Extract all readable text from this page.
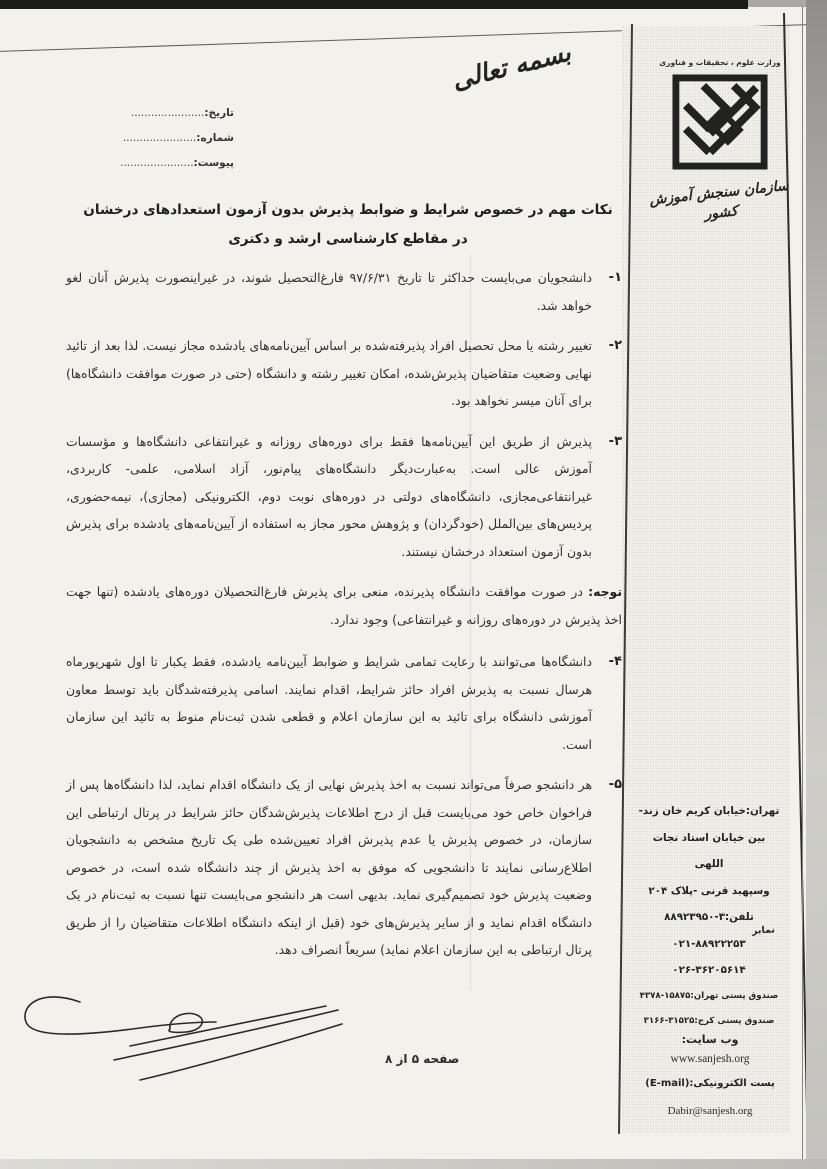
بسمه تعالی
تاریخ:......................
شماره:......................
پیوست:......................
وزارت علوم ، تحقیقات و فناوری
سازمان سنجش آموزش کشور
نکات مهم در خصوص شرایط و ضوابط پذیرش بدون آزمون استعدادهای درخشان در مقاطع کارشناسی ارشد و دکتری
۱-
دانشجویان می‌بایست حداکثر تا تاریخ ۹۷/۶/۳۱ فارغ‌التحصیل شوند، در غیراینصورت پذیرش آنان لغو خواهد شد.
۲-
تغییر رشته یا محل تحصیل افراد پذیرفته‌شده بر اساس آیین‌نامه‌های یادشده مجاز نیست. لذا بعد از تائید نهایی وضعیت متقاضیان پذیرش‌شده، امکان تغییر رشته و دانشگاه (حتی در صورت موافقت دانشگاه‌ها) برای آنان میسر نخواهد بود.
۳-
پذیرش از طریق این آیین‌نامه‌ها فقط برای دوره‌های روزانه و غیرانتفاعی دانشگاه‌ها و مؤسسات آموزش عالی است. به‌عبارت‌دیگر دانشگاه‌های پیام‌نور، آزاد اسلامی، علمی- کاربردی، غیرانتفاعی‌مجازی، دانشگاه‌های دولتی در دوره‌های نوبت دوم، الکترونیکی (مجازی)، نیمه‌حضوری، پردیس‌های بین‌الملل (خودگردان) و پژوهش محور مجاز به استفاده از آیین‌نامه‌های یادشده برای پذیرش بدون آزمون استعداد درخشان نیستند.
توجه: در صورت موافقت دانشگاه پذیرنده، منعی برای پذیرش فارغ‌التحصیلان دوره‌های یادشده (تنها جهت اخذ پذیرش در دوره‌های روزانه و غیرانتفاعی) وجود ندارد.
۴-
دانشگاه‌ها می‌توانند با رعایت تمامی شرایط و ضوابط آیین‌نامه یادشده، فقط یکبار تا اول شهریورماه هرسال نسبت به پذیرش افراد حائز شرایط، اقدام نمایند. اسامی پذیرفته‌شدگان باید توسط معاون آموزشی دانشگاه برای تائید به این سازمان اعلام و قطعی شدن ثبت‌نام منوط به تائید این سازمان است.
۵-
هر دانشجو صرفاً می‌تواند نسبت به اخذ پذیرش نهایی از یک دانشگاه اقدام نماید، لذا دانشگاه‌ها پس از فراخوان خاص خود می‌بایست قبل از درج اطلاعات پذیرش‌شدگان حائز شرایط در پرتال ارتباطی این سازمان، در خصوص پذیرش یا عدم پذیرش افراد تعیین‌شده طی یک تاریخ مشخص به دانشجویان اطلاع‌رسانی نمایند تا دانشجویی که موفق به اخذ پذیرش از چند دانشگاه شده است، در خصوص وضعیت پذیرش خود تصمیم‌گیری نماید. بدیهی است هر دانشجو می‌بایست تنها نسبت به ثبت‌نام در یک دانشگاه اقدام نماید و از سایر پذیرش‌های خود (قبل از اینکه دانشگاه اطلاعات متقاضیان را از طریق پرتال ارتباطی به این سازمان اعلام نماید) سریعاً انصراف دهد.
تهران:خیابان کریم خان زند-
بین خیابان استاد نجات اللهی
وسپهبد قرنی -پلاک ۲۰۴
تلفن:۸۸۹۲۳۹۵۰-۳
۰۲۱-۸۸۹۲۲۲۵۳
۰۲۶-۳۶۲۰۵۶۱۴
نمابر
صندوق پستی تهران:۱۵۸۷۵-۴۳۷۸
صندوق پستی کرج:۳۱۵۲۵-۳۱۶۶
وب سایت:
www.sanjesh.org
پست الکترونیکی:(E-mail)
Dabir@sanjesh.org
صفحه ۵ از ۸
